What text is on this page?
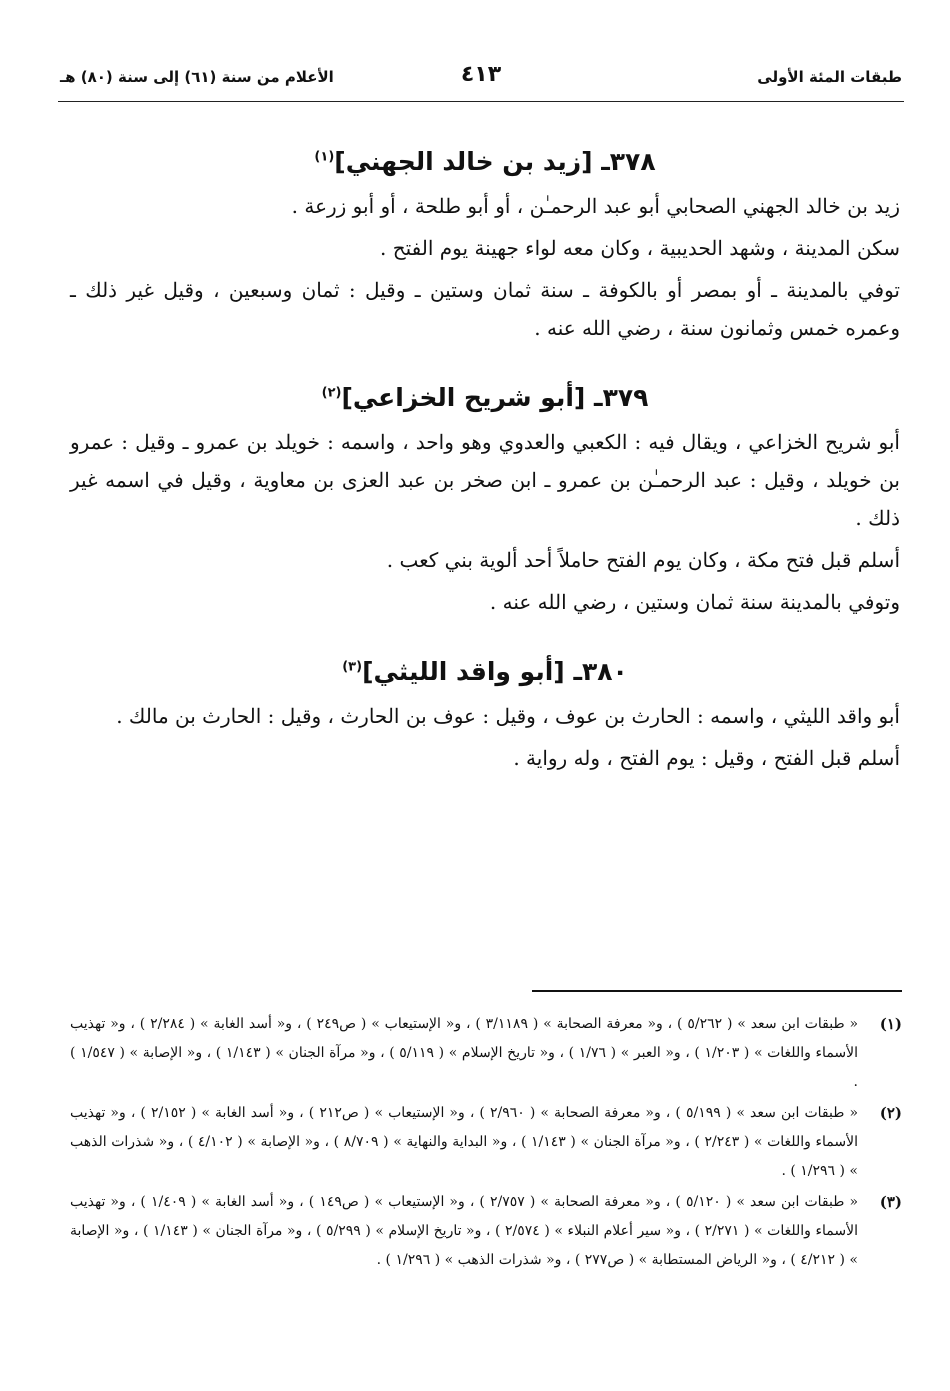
طبقات المئة الأولى
٤١٣
الأعلام من سنة (٦١) إلى سنة (٨٠) هـ
٣٧٨ـ [زيد بن خالد الجهني]$^{(١)}$

زيد بن خالد الجهني الصحابي أبو عبد الرحمـٰن ، أو أبو طلحة ، أو أبو زرعة .

سكن المدينة ، وشهد الحديبية ، وكان معه لواء جهينة يوم الفتح .

توفي بالمدينة ـ أو بمصر أو بالكوفة ـ سنة ثمان وستين ـ وقيل : ثمان وسبعين ، وقيل غير ذلك ـ وعمره خمس وثمانون سنة ، رضي الله عنه .

٣٧٩ـ [أبو شريح الخزاعي]$^{(٢)}$

أبو شريح الخزاعي ، ويقال فيه : الكعبي والعدوي وهو واحد ، واسمه : خويلد بن عمرو ـ وقيل : عمرو بن خويلد ، وقيل : عبد الرحمـٰن بن عمرو ـ ابن صخر بن عبد العزى بن معاوية ، وقيل في اسمه غير ذلك .

أسلم قبل فتح مكة ، وكان يوم الفتح حاملاً أحد ألوية بني كعب .

وتوفي بالمدينة سنة ثمان وستين ، رضي الله عنه .

٣٨٠ـ [أبو واقد الليثي]$^{(٣)}$

أبو واقد الليثي ، واسمه : الحارث بن عوف ، وقيل : عوف بن الحارث ، وقيل : الحارث بن مالك .

أسلم قبل الفتح ، وقيل : يوم الفتح ، وله رواية .

(١)
« طبقات ابن سعد » ( ٥/٢٦٢ ) ، و« معرفة الصحابة » ( ٣/١١٨٩ ) ، و« الإستيعاب » ( ص٢٤٩ ) ، و« أسد الغابة » ( ٢/٢٨٤ ) ، و« تهذيب الأسماء واللغات » ( ١/٢٠٣ ) ، و« العبر » ( ١/٧٦ ) ، و« تاريخ الإسلام » ( ٥/١١٩ ) ، و« مرآة الجنان » ( ١/١٤٣ ) ، و« الإصابة » ( ١/٥٤٧ ) .
(٢)
« طبقات ابن سعد » ( ٥/١٩٩ ) ، و« معرفة الصحابة » ( ٢/٩٦٠ ) ، و« الإستيعاب » ( ص٢١٢ ) ، و« أسد الغابة » ( ٢/١٥٢ ) ، و« تهذيب الأسماء واللغات » ( ٢/٢٤٣ ) ، و« مرآة الجنان » ( ١/١٤٣ ) ، و« البداية والنهاية » ( ٨/٧٠٩ ) ، و« الإصابة » ( ٤/١٠٢ ) ، و« شذرات الذهب » ( ١/٢٩٦ ) .
(٣)
« طبقات ابن سعد » ( ٥/١٢٠ ) ، و« معرفة الصحابة » ( ٢/٧٥٧ ) ، و« الإستيعاب » ( ص١٤٩ ) ، و« أسد الغابة » ( ١/٤٠٩ ) ، و« تهذيب الأسماء واللغات » ( ٢/٢٧١ ) ، و« سير أعلام النبلاء » ( ٢/٥٧٤ ) ، و« تاريخ الإسلام » ( ٥/٢٩٩ ) ، و« مرآة الجنان » ( ١/١٤٣ ) ، و« الإصابة » ( ٤/٢١٢ ) ، و« الرياض المستطابة » ( ص٢٧٧ ) ، و« شذرات الذهب » ( ١/٢٩٦ ) .
